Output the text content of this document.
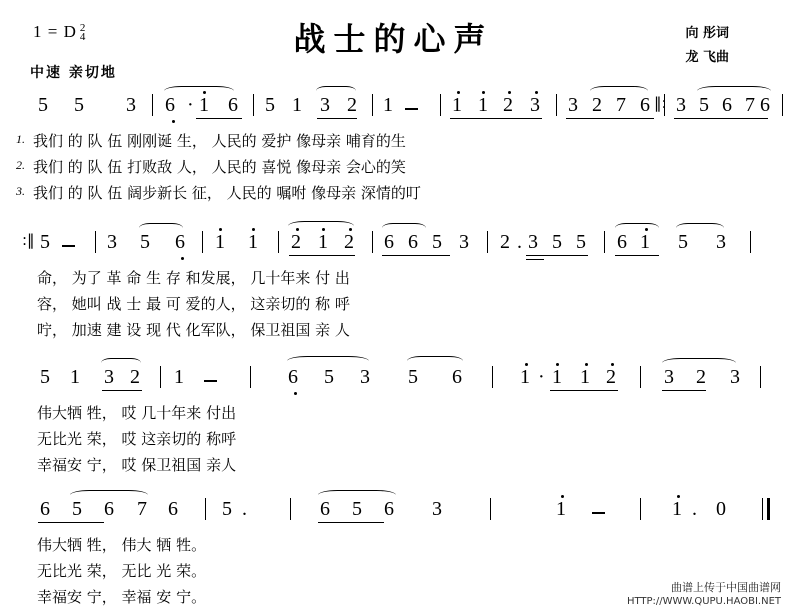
1 = D 2
4
中速 亲切地
战士的心声	向 彤词
龙 飞曲
5 5 3 6 · 1 6 5 1 3 2 1	1 1 2 3 3 2 7 6 ‖: 3 5 6 7 6
1. 我们 的 队 伍 刚刚诞 生， 人民的 爱护 像母亲 哺育的生
2. 我们 的 队 伍 打败敌 人， 人民的 喜悦 像母亲 会心的笑
3. 我们 的 队 伍 阔步新长 征， 人民的 嘱咐 像母亲 深情的叮
:‖ 5	3 5 6 1 1 2 1 2 6 6 5 3 2 . 3 5 5 6 1 5 3
命， 为了 革 命 生 存 和发展， 几十年来 付 出
容， 她叫 战 士 最 可 爱的人， 这亲切的 称 呼
咛， 加速 建 设 现 代 化军队， 保卫祖国 亲 人
5 1 3 2 1	6 5 3 5 6	1 · 1 1 2 3 2 3
伟大牺 牲， 哎 几十年来 付出
无比光 荣， 哎 这亲切的 称呼
幸福安 宁， 哎 保卫祖国 亲人
6 5 6 7 6 5 .	6 5 6 3	1	1 . 0
伟大牺 牲， 伟大 牺 牲。
无比光 荣， 无比 光 荣。
幸福安 宁， 幸福 安 宁。
曲谱上传于中国曲谱网
HTTP://WWW.QUPU.HAOBI.NET
